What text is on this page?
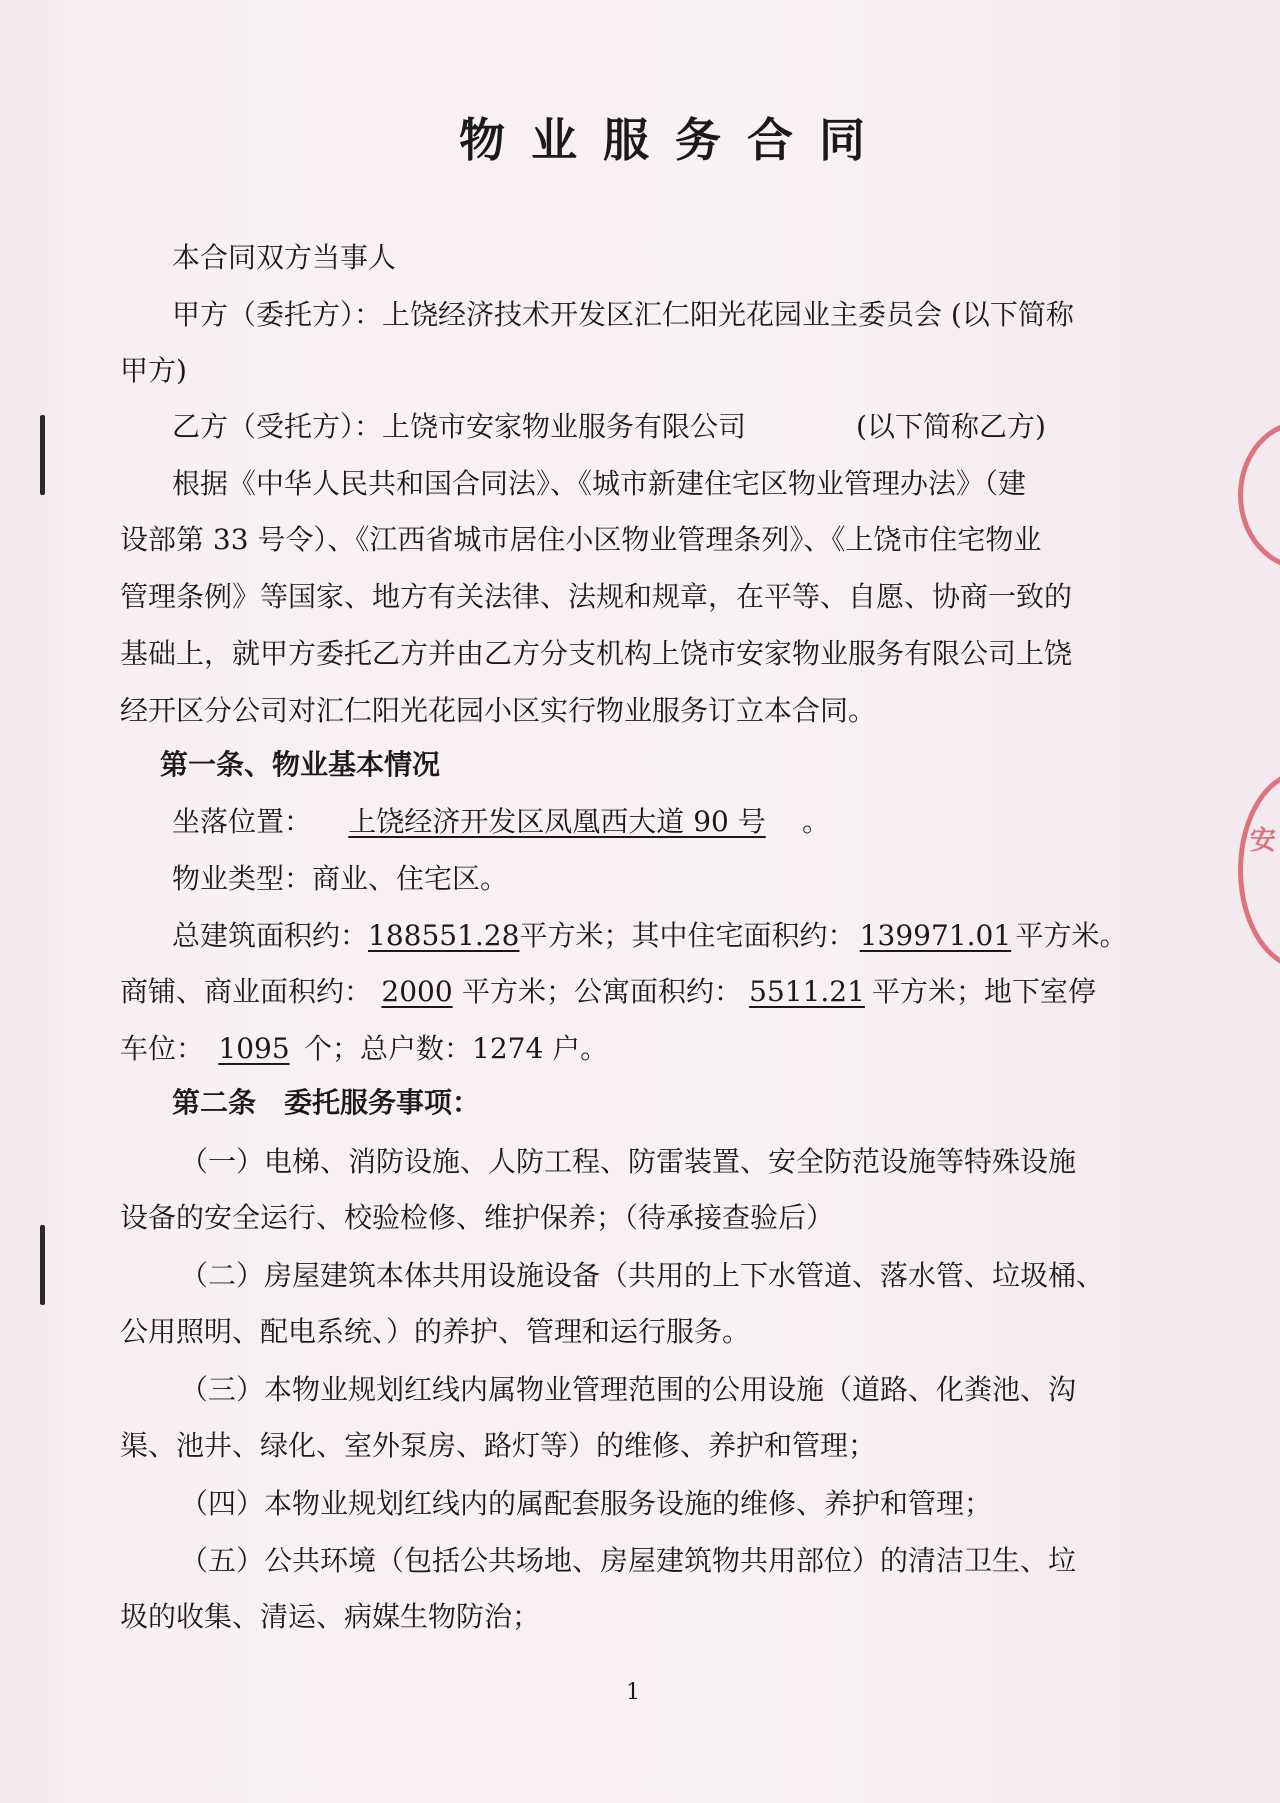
安
物业服务合同
本合同双方当事人
甲方（委托方）：上饶经济技术开发区汇仁阳光花园业主委员会 (以下简称
甲方)
乙方（受托方）：上饶市安家物业服务有限公司	(以下简称乙方)
根据《中华人民共和国合同法》、《城市新建住宅区物业管理办法》（建
设部第 33 号令）、《江西省城市居住小区物业管理条列》、《上饶市住宅物业
管理条例》等国家、地方有关法律、法规和规章，在平等、自愿、协商一致的
基础上，就甲方委托乙方并由乙方分支机构上饶市安家物业服务有限公司上饶
经开区分公司对汇仁阳光花园小区实行物业服务订立本合同。
第一条、物业基本情况
坐落位置： 上饶经济开发区凤凰西大道 90 号 。
物业类型：商业、住宅区。
总建筑面积约：188551.28平方米；其中住宅面积约： 139971.01 平方米。
商铺、商业面积约： 2000 平方米；公寓面积约： 5511.21 平方米；地下室停
车位： 1095 个；总户数：1274 户。
第二条　委托服务事项：
（一）电梯、消防设施、人防工程、防雷装置、安全防范设施等特殊设施
设备的安全运行、校验检修、维护保养；（待承接查验后）
（二）房屋建筑本体共用设施设备（共用的上下水管道、落水管、垃圾桶、
公用照明、配电系统、）的养护、管理和运行服务。
（三）本物业规划红线内属物业管理范围的公用设施（道路、化粪池、沟
渠、池井、绿化、室外泵房、路灯等）的维修、养护和管理；
（四）本物业规划红线内的属配套服务设施的维修、养护和管理；
（五）公共环境（包括公共场地、房屋建筑物共用部位）的清洁卫生、垃
圾的收集、清运、病媒生物防治；
1
